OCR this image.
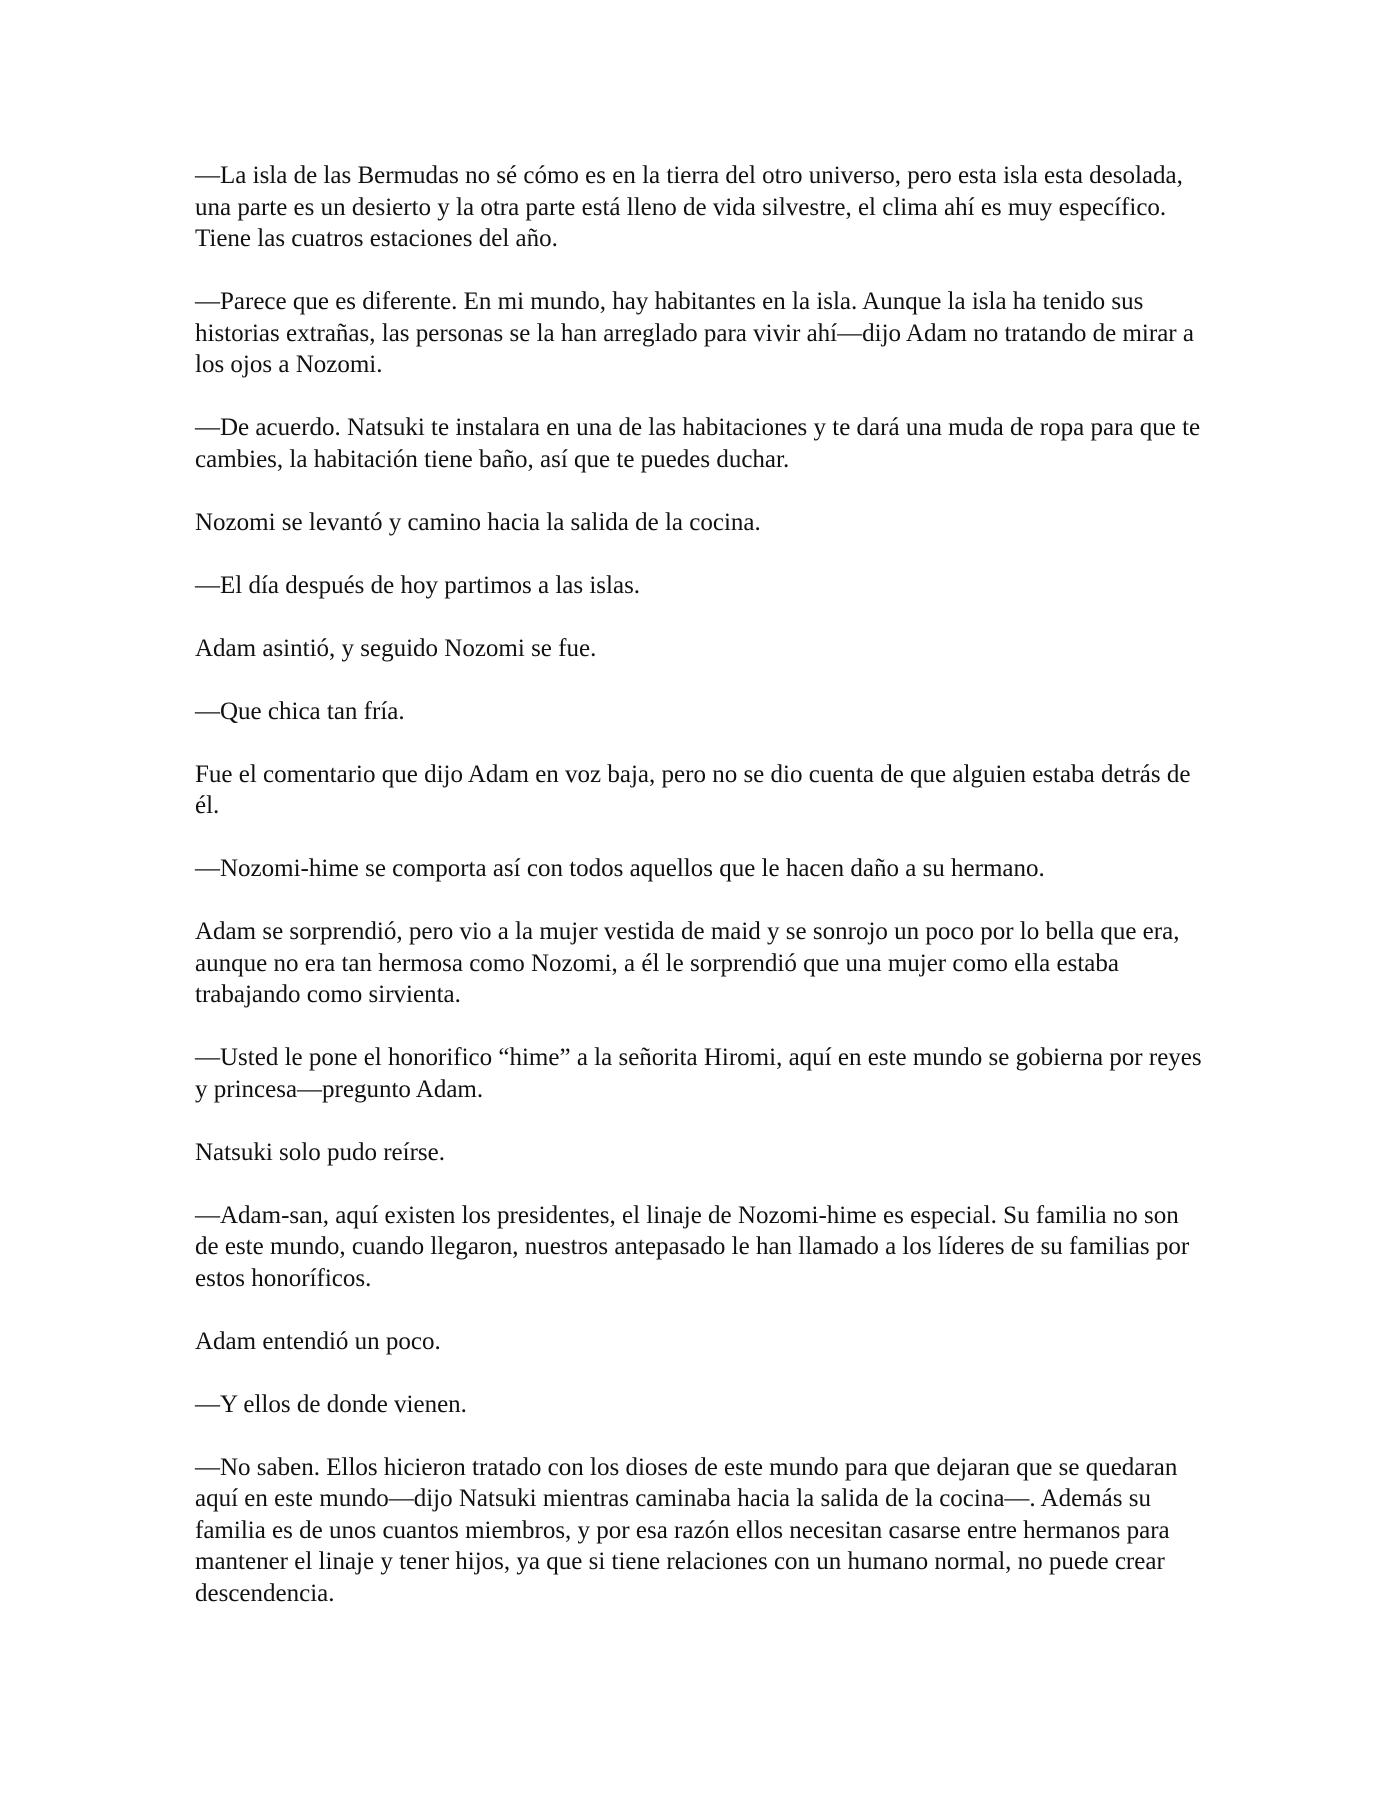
—La isla de las Bermudas no sé cómo es en la tierra del otro universo, pero esta isla esta desolada, una parte es un desierto y la otra parte está lleno de vida silvestre, el clima ahí es muy específico. Tiene las cuatros estaciones del año.

—Parece que es diferente. En mi mundo, hay habitantes en la isla. Aunque la isla ha tenido sus historias extrañas, las personas se la han arreglado para vivir ahí—dijo Adam no tratando de mirar a los ojos a Nozomi.

—De acuerdo. Natsuki te instalara en una de las habitaciones y te dará una muda de ropa para que te cambies, la habitación tiene baño, así que te puedes duchar.

Nozomi se levantó y camino hacia la salida de la cocina.

—El día después de hoy partimos a las islas.

Adam asintió, y seguido Nozomi se fue.

—Que chica tan fría.

Fue el comentario que dijo Adam en voz baja, pero no se dio cuenta de que alguien estaba detrás de él.

—Nozomi-hime se comporta así con todos aquellos que le hacen daño a su hermano.

Adam se sorprendió, pero vio a la mujer vestida de maid y se sonrojo un poco por lo bella que era, aunque no era tan hermosa como Nozomi, a él le sorprendió que una mujer como ella estaba trabajando como sirvienta.

—Usted le pone el honorifico “hime” a la señorita Hiromi, aquí en este mundo se gobierna por reyes y princesa—pregunto Adam.

Natsuki solo pudo reírse.

—Adam-san, aquí existen los presidentes, el linaje de Nozomi-hime es especial. Su familia no son de este mundo, cuando llegaron, nuestros antepasado le han llamado a los líderes de su familias por estos honoríficos.

Adam entendió un poco.

—Y ellos de donde vienen.

—No saben. Ellos hicieron tratado con los dioses de este mundo para que dejaran que se quedaran aquí en este mundo—dijo Natsuki mientras caminaba hacia la salida de la cocina—. Además su familia es de unos cuantos miembros, y por esa razón ellos necesitan casarse entre hermanos para mantener el linaje y tener hijos, ya que si tiene relaciones con un humano normal, no puede crear descendencia.
